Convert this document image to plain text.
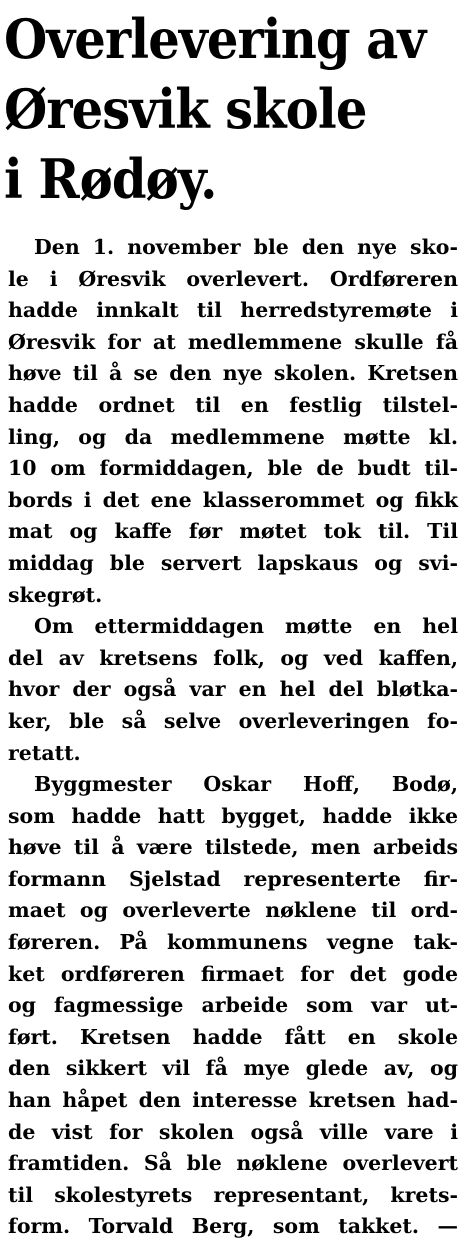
Overlevering av
Øresvik skole
i Rødøy.

Den 1. november ble den nye sko-
le i Øresvik overlevert. Ordføreren
hadde innkalt til herredstyremøte i
Øresvik for at medlemmene skulle få
høve til å se den nye skolen. Kretsen
hadde ordnet til en festlig tilstel-
ling, og da medlemmene møtte kl.
10 om formiddagen, ble de budt til-
bords i det ene klasserommet og fikk
mat og kaffe før møtet tok til. Til
middag ble servert lapskaus og svi-
skegrøt.

Om ettermiddagen møtte en hel
del av kretsens folk, og ved kaffen,
hvor der også var en hel del bløtka-
ker, ble så selve overleveringen fo-
retatt.

Byggmester Oskar Hoff, Bodø,
som hadde hatt bygget, hadde ikke
høve til å være tilstede, men arbeids
formann Sjelstad representerte fir-
maet og overleverte nøklene til ord-
føreren. På kommunens vegne tak-
ket ordføreren firmaet for det gode
og fagmessige arbeide som var ut-
ført. Kretsen hadde fått en skole
den sikkert vil få mye glede av, og
han håpet den interesse kretsen had-
de vist for skolen også ville vare i
framtiden. Så ble nøklene overlevert
til skolestyrets representant, krets-
form. Torvald Berg, som takket. —
